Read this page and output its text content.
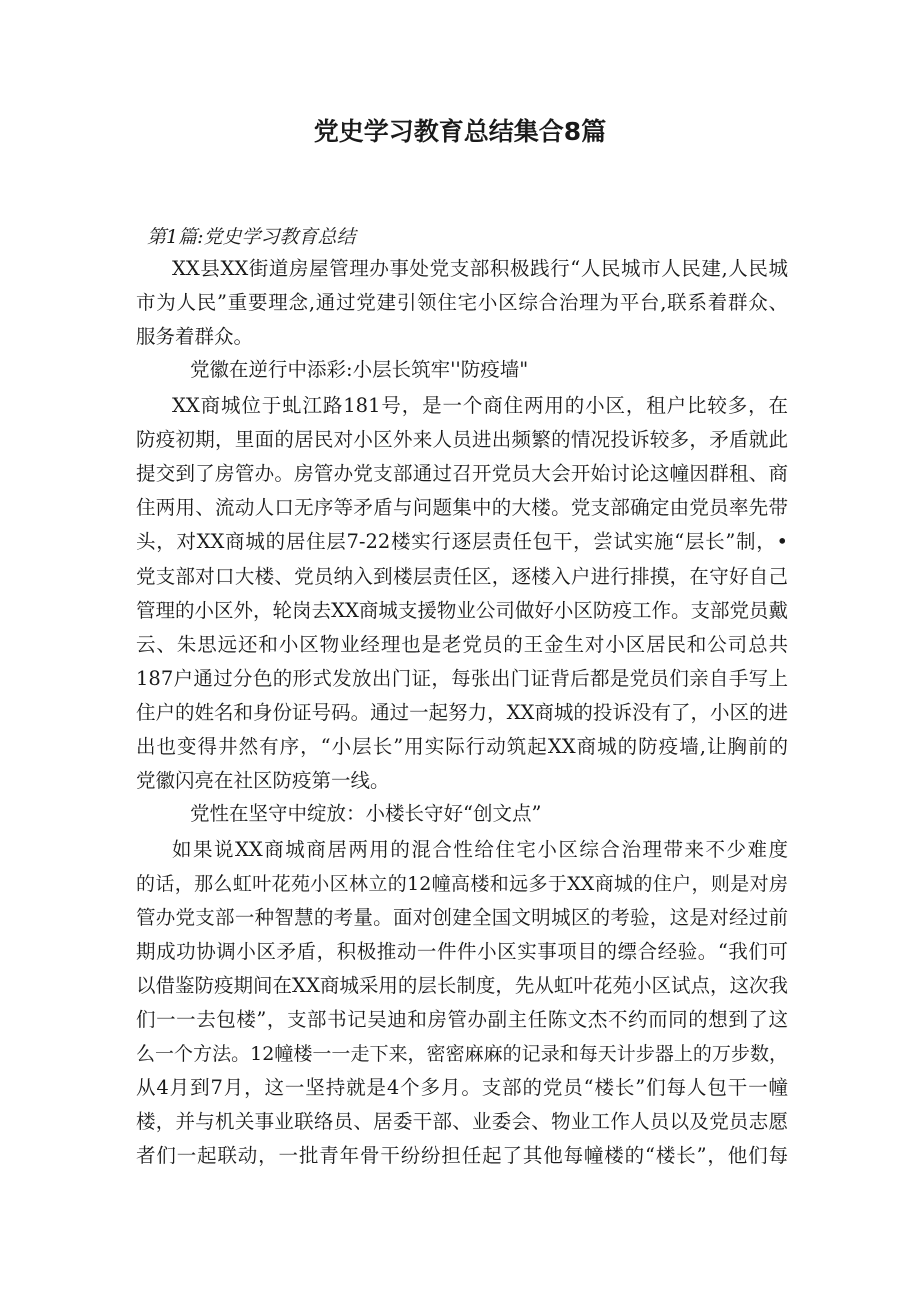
党史学习教育总结集合8篇
第1篇:党史学习教育总结
XX县XX街道房屋管理办事处党支部积极践行“人民城市人民建,人民城
市为人民”重要理念,通过党建引领住宅小区综合治理为平台,联系着群众、
服务着群众。
党徽在逆行中添彩:小层长筑牢''防疫墙"
XX商城位于虬江路181号，是一个商住两用的小区，租户比较多，在
防疫初期，里面的居民对小区外来人员进出频繁的情况投诉较多，矛盾就此
提交到了房管办。房管办党支部通过召开党员大会开始讨论这幢因群租、商
住两用、流动人口无序等矛盾与问题集中的大楼。党支部确定由党员率先带
头，对XX商城的居住层7-22楼实行逐层责任包干，尝试实施“层长”制，•
党支部对口大楼、党员纳入到楼层责任区，逐楼入户进行排摸，在守好自己
管理的小区外，轮岗去XX商城支援物业公司做好小区防疫工作。支部党员戴
云、朱思远还和小区物业经理也是老党员的王金生对小区居民和公司总共
187户通过分色的形式发放出门证，每张出门证背后都是党员们亲自手写上
住户的姓名和身份证号码。通过一起努力，XX商城的投诉没有了，小区的进
出也变得井然有序，“小层长”用实际行动筑起XX商城的防疫墙,让胸前的
党徽闪亮在社区防疫第一线。
党性在坚守中绽放：小楼长守好“创文点”
如果说XX商城商居两用的混合性给住宅小区综合治理带来不少难度
的话，那么虹叶花苑小区林立的12幢高楼和远多于XX商城的住户，则是对房
管办党支部一种智慧的考量。面对创建全国文明城区的考验，这是对经过前
期成功协调小区矛盾，积极推动一件件小区实事项目的缥合经验。“我们可
以借鉴防疫期间在XX商城采用的层长制度，先从虹叶花苑小区试点，这次我
们一一去包楼”，支部书记吴迪和房管办副主任陈文杰不约而同的想到了这
么一个方法。12幢楼一一走下来，密密麻麻的记录和每天计步器上的万步数，
从4月到7月，这一坚持就是4个多月。支部的党员“楼长”们每人包干一幢
楼，并与机关事业联络员、居委干部、业委会、物业工作人员以及党员志愿
者们一起联动，一批青年骨干纷纷担任起了其他每幢楼的“楼长”，他们每
